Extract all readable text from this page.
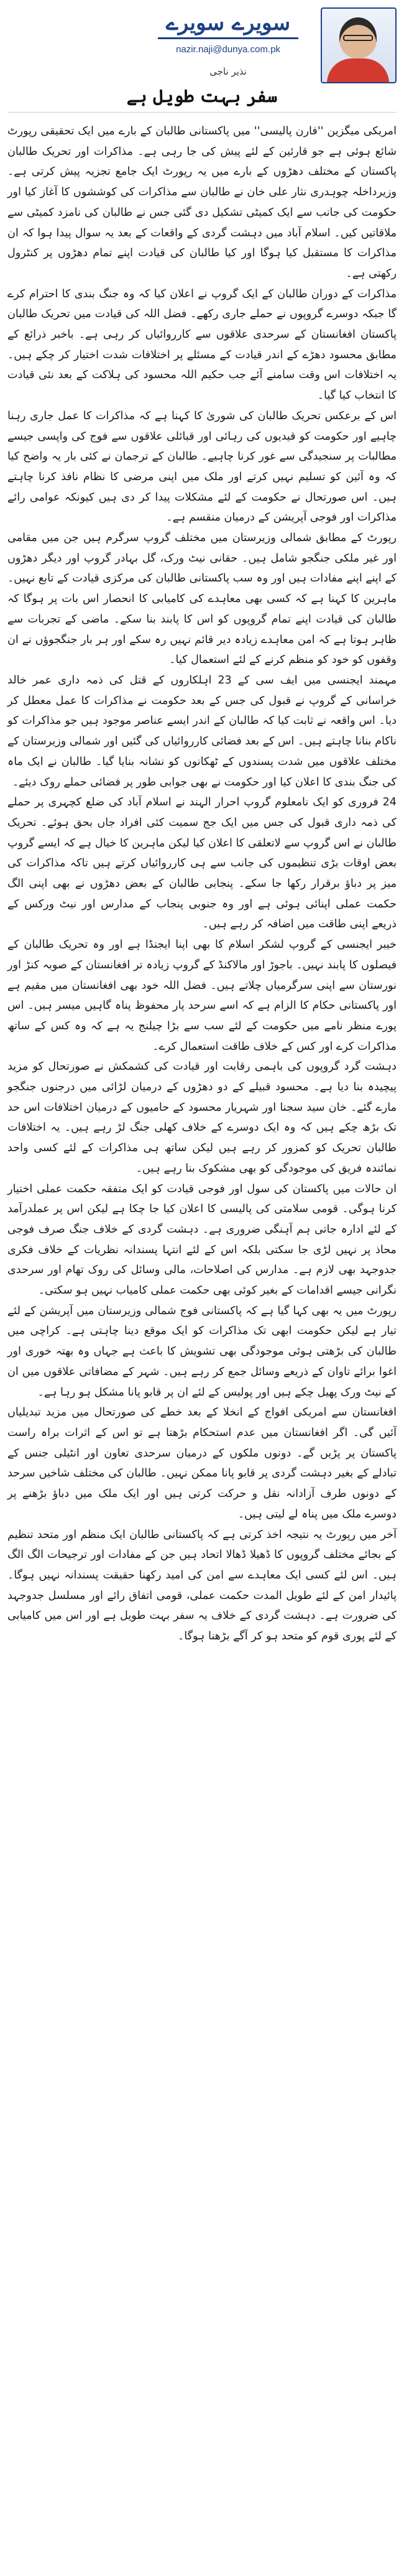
سویرے سویرے
nazir.naji@dunya.com.pk
نذیر ناجی
سفر بہت طویل ہے

امریکی میگزین ''فارن پالیسی'' میں پاکستانی طالبان کے بارے میں ایک تحقیقی رپورٹ شائع ہوئی ہے جو قارئین کے لئے پیش کی جا رہی ہے۔ مذاکرات اور تحریک طالبان پاکستان کے مختلف دھڑوں کے بارے میں یہ رپورٹ ایک جامع تجزیہ پیش کرتی ہے۔ وزیرداخلہ چوہدری نثار علی خان نے طالبان سے مذاکرات کی کوششوں کا آغاز کیا اور حکومت کی جانب سے ایک کمیٹی تشکیل دی گئی جس نے طالبان کی نامزد کمیٹی سے ملاقاتیں کیں۔ اسلام آباد میں دہشت گردی کے واقعات کے بعد یہ سوال پیدا ہوا کہ ان مذاکرات کا مستقبل کیا ہوگا اور کیا طالبان کی قیادت اپنے تمام دھڑوں پر کنٹرول رکھتی ہے۔

مذاکرات کے دوران طالبان کے ایک گروپ نے اعلان کیا کہ وہ جنگ بندی کا احترام کرے گا جبکہ دوسرے گروپوں نے حملے جاری رکھے۔ فضل اللہ کی قیادت میں تحریک طالبان پاکستان افغانستان کے سرحدی علاقوں سے کارروائیاں کر رہی ہے۔ باخبر ذرائع کے مطابق محسود دھڑے کے اندر قیادت کے مسئلے پر اختلافات شدت اختیار کر چکے ہیں۔ یہ اختلافات اس وقت سامنے آئے جب حکیم اللہ محسود کی ہلاکت کے بعد نئی قیادت کا انتخاب کیا گیا۔

اس کے برعکس تحریک طالبان کی شوریٰ کا کہنا ہے کہ مذاکرات کا عمل جاری رہنا چاہیے اور حکومت کو قیدیوں کی رہائی اور قبائلی علاقوں سے فوج کی واپسی جیسے مطالبات پر سنجیدگی سے غور کرنا چاہیے۔ طالبان کے ترجمان نے کئی بار یہ واضح کیا کہ وہ آئین کو تسلیم نہیں کرتے اور ملک میں اپنی مرضی کا نظام نافذ کرنا چاہتے ہیں۔ اس صورتحال نے حکومت کے لئے مشکلات پیدا کر دی ہیں کیونکہ عوامی رائے مذاکرات اور فوجی آپریشن کے درمیان منقسم ہے۔

رپورٹ کے مطابق شمالی وزیرستان میں مختلف گروپ سرگرم ہیں جن میں مقامی اور غیر ملکی جنگجو شامل ہیں۔ حقانی نیٹ ورک، گل بہادر گروپ اور دیگر دھڑوں کے اپنے اپنے مفادات ہیں اور وہ سب پاکستانی طالبان کی مرکزی قیادت کے تابع نہیں۔ ماہرین کا کہنا ہے کہ کسی بھی معاہدے کی کامیابی کا انحصار اس بات پر ہوگا کہ طالبان کی قیادت اپنے تمام گروپوں کو اس کا پابند بنا سکے۔ ماضی کے تجربات سے ظاہر ہوتا ہے کہ امن معاہدے زیادہ دیر قائم نہیں رہ سکے اور ہر بار جنگجوؤں نے ان وقفوں کو خود کو منظم کرنے کے لئے استعمال کیا۔

مہمند ایجنسی میں ایف سی کے 23 اہلکاروں کے قتل کی ذمہ داری عمر خالد خراسانی کے گروپ نے قبول کی جس کے بعد حکومت نے مذاکرات کا عمل معطل کر دیا۔ اس واقعہ نے ثابت کیا کہ طالبان کے اندر ایسے عناصر موجود ہیں جو مذاکرات کو ناکام بنانا چاہتے ہیں۔ اس کے بعد فضائی کارروائیاں کی گئیں اور شمالی وزیرستان کے مختلف علاقوں میں شدت پسندوں کے ٹھکانوں کو نشانہ بنایا گیا۔ طالبان نے ایک ماہ کی جنگ بندی کا اعلان کیا اور حکومت نے بھی جوابی طور پر فضائی حملے روک دیئے۔

24 فروری کو ایک نامعلوم گروپ احرار الہند نے اسلام آباد کی ضلع کچہری پر حملے کی ذمہ داری قبول کی جس میں ایک جج سمیت کئی افراد جاں بحق ہوئے۔ تحریک طالبان نے اس گروپ سے لاتعلقی کا اعلان کیا لیکن ماہرین کا خیال ہے کہ ایسے گروپ بعض اوقات بڑی تنظیموں کی جانب سے ہی کارروائیاں کرتے ہیں تاکہ مذاکرات کی میز پر دباؤ برقرار رکھا جا سکے۔ پنجابی طالبان کے بعض دھڑوں نے بھی اپنی الگ حکمت عملی اپنائی ہوئی ہے اور وہ جنوبی پنجاب کے مدارس اور نیٹ ورکس کے ذریعے اپنی طاقت میں اضافہ کر رہے ہیں۔

خیبر ایجنسی کے گروپ لشکر اسلام کا بھی اپنا ایجنڈا ہے اور وہ تحریک طالبان کے فیصلوں کا پابند نہیں۔ باجوڑ اور مالاکنڈ کے گروپ زیادہ تر افغانستان کے صوبہ کنڑ اور نورستان سے اپنی سرگرمیاں چلاتے ہیں۔ فضل اللہ خود بھی افغانستان میں مقیم ہے اور پاکستانی حکام کا الزام ہے کہ اسے سرحد پار محفوظ پناہ گاہیں میسر ہیں۔ اس پورے منظر نامے میں حکومت کے لئے سب سے بڑا چیلنج یہ ہے کہ وہ کس کے ساتھ مذاکرات کرے اور کس کے خلاف طاقت استعمال کرے۔

دہشت گرد گروپوں کی باہمی رقابت اور قیادت کی کشمکش نے صورتحال کو مزید پیچیدہ بنا دیا ہے۔ محسود قبیلے کے دو دھڑوں کے درمیان لڑائی میں درجنوں جنگجو مارے گئے۔ خان سید سجنا اور شہریار محسود کے حامیوں کے درمیان اختلافات اس حد تک بڑھ چکے ہیں کہ وہ ایک دوسرے کے خلاف کھلی جنگ لڑ رہے ہیں۔ یہ اختلافات طالبان تحریک کو کمزور کر رہے ہیں لیکن ساتھ ہی مذاکرات کے لئے کسی واحد نمائندہ فریق کی موجودگی کو بھی مشکوک بنا رہے ہیں۔

ان حالات میں پاکستان کی سول اور فوجی قیادت کو ایک متفقہ حکمت عملی اختیار کرنا ہوگی۔ قومی سلامتی کی پالیسی کا اعلان کیا جا چکا ہے لیکن اس پر عملدرآمد کے لئے ادارہ جاتی ہم آہنگی ضروری ہے۔ دہشت گردی کے خلاف جنگ صرف فوجی محاذ پر نہیں لڑی جا سکتی بلکہ اس کے لئے انتہا پسندانہ نظریات کے خلاف فکری جدوجہد بھی لازم ہے۔ مدارس کی اصلاحات، مالی وسائل کی روک تھام اور سرحدی نگرانی جیسے اقدامات کے بغیر کوئی بھی حکمت عملی کامیاب نہیں ہو سکتی۔

رپورٹ میں یہ بھی کہا گیا ہے کہ پاکستانی فوج شمالی وزیرستان میں آپریشن کے لئے تیار ہے لیکن حکومت ابھی تک مذاکرات کو ایک موقع دینا چاہتی ہے۔ کراچی میں طالبان کی بڑھتی ہوئی موجودگی بھی تشویش کا باعث ہے جہاں وہ بھتہ خوری اور اغوا برائے تاوان کے ذریعے وسائل جمع کر رہے ہیں۔ شہر کے مضافاتی علاقوں میں ان کے نیٹ ورک پھیل چکے ہیں اور پولیس کے لئے ان پر قابو پانا مشکل ہو رہا ہے۔

افغانستان سے امریکی افواج کے انخلا کے بعد خطے کی صورتحال میں مزید تبدیلیاں آئیں گی۔ اگر افغانستان میں عدم استحکام بڑھتا ہے تو اس کے اثرات براہ راست پاکستان پر پڑیں گے۔ دونوں ملکوں کے درمیان سرحدی تعاون اور انٹیلی جنس کے تبادلے کے بغیر دہشت گردی پر قابو پانا ممکن نہیں۔ طالبان کی مختلف شاخیں سرحد کے دونوں طرف آزادانہ نقل و حرکت کرتی ہیں اور ایک ملک میں دباؤ بڑھنے پر دوسرے ملک میں پناہ لے لیتی ہیں۔

آخر میں رپورٹ یہ نتیجہ اخذ کرتی ہے کہ پاکستانی طالبان ایک منظم اور متحد تنظیم کے بجائے مختلف گروپوں کا ڈھیلا ڈھالا اتحاد ہیں جن کے مفادات اور ترجیحات الگ الگ ہیں۔ اس لئے کسی ایک معاہدے سے امن کی امید رکھنا حقیقت پسندانہ نہیں ہوگا۔ پائیدار امن کے لئے طویل المدت حکمت عملی، قومی اتفاق رائے اور مسلسل جدوجہد کی ضرورت ہے۔ دہشت گردی کے خلاف یہ سفر بہت طویل ہے اور اس میں کامیابی کے لئے پوری قوم کو متحد ہو کر آگے بڑھنا ہوگا۔
